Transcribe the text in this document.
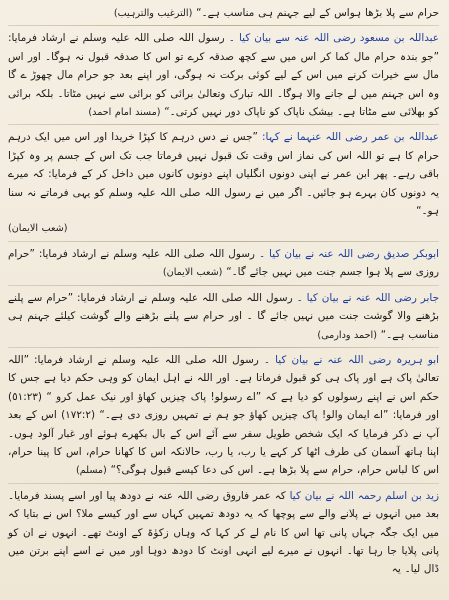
حرام سے پلا بڑھا ہواس کے لیے جہنم ہی مناسب ہے۔“ (الترغیب والترہیب)

عبداللہ بن مسعود رضی اللہ عنہ سے بیان کیا ۔ رسول اللہ صلی اللہ علیہ وسلم نے ارشاد فرمایا: ”جو بندہ حرام مال کما کر اس میں سے کچھ صدقہ کرے تو اس کا صدقہ قبول نہ ہوگا۔ اور اس مال سے خیرات کرنے میں اس کے لیے کوئی برکت نہ ہوگی، اور اپنے بعد جو حرام مال چھوڑ ے گا وہ اس جہنم میں لے جانے والا ہوگا۔ اللہ تبارک وتعالیٰ برائی کو برائی سے نہیں مٹاتا۔ بلکہ برائی کو بھلائی سے مٹاتا ہے۔ بیشک ناپاک کو ناپاک دور نہیں کرتی۔“ (مسند امام احمد)

عبداللہ بن عمر رضی اللہ عنہما نے کہا: ”جس نے دس درہم کا کپڑا خریدا اور اس میں ایک درہم حرام کا ہے تو اللہ اس کی نماز اس وقت تک قبول نہیں فرماتا جب تک اس کے جسم پر وہ کپڑا باقی رہے۔ پھر ابن عمر نے اپنی دونوں انگلیاں اپنے دونوں کانوں میں داخل کر کے فرمایا: کہ میرے یہ دونوں کان بہرے ہو جائیں۔ اگر میں نے رسول اللہ صلی اللہ علیہ وسلم کو یہی فرماتے نہ سنا ہو۔“
(شعب الایمان)

ابوبکر صدیق رضی اللہ عنہ نے بیان کیا ۔ رسول اللہ صلی اللہ علیہ وسلم نے ارشاد فرمایا: ”حرام روزی سے پلا ہوا جسم جنت میں نہیں جائے گا۔“ (شعب الایمان)

جابر رضی اللہ عنہ نے بیان کیا ۔ رسول اللہ صلی اللہ علیہ وسلم نے ارشاد فرمایا: ”حرام سے پلنے بڑھنے والا گوشت جنت میں نہیں جائے گا ۔ اور حرام سے پلنے بڑھنے والے گوشت کیلئے جہنم ہی مناسب ہے۔“ (احمد ودارمی)

ابو ہریرہ رضی اللہ عنہ نے بیان کیا ۔ رسول اللہ صلی اللہ علیہ وسلم نے ارشاد فرمایا: ”اللہ تعالیٰ پاک ہے اور پاک ہی کو قبول فرماتا ہے۔ اور اللہ نے اہل ایمان کو وہی حکم دیا ہے جس کا حکم اس نے اپنے رسولوں کو دیا ہے کہ ”اے رسولو! پاک چیزیں کھاؤ اور نیک عمل کرو “ (٥١:٢٣) اور فرمایا: ”اے ایمان والو! پاک چیزیں کھاؤ جو ہم نے تمہیں روزی دی ہے۔“ (١٧٢:٢) اس کے بعد آپ نے ذکر فرمایا کہ ایک شخص طویل سفر سے آئے اس کے بال بکھرے ہوئے اور غبار آلود ہوں۔ اپنا ہاتھ آسمان کی طرف اٹھا کر کہے یا رب، یا رب، حالانکہ اس کا کھانا حرام، اس کا پینا حرام، اس کا لباس حرام، حرام سے پلا بڑھا ہے۔ اس کی دعا کیسے قبول ہوگی؟“ (مسلم)

زید بن اسلم رحمہ اللہ نے بیان کیا کہ عمر فاروق رضی اللہ عنہ نے دودھ پیا اور اسے پسند فرمایا۔ بعد میں انہوں نے پلانے والے سے پوچھا کہ یہ دودھ تمہیں کہاں سے اور کیسے ملا؟ اس نے بتایا کہ میں ایک جگہ جہاں پانی تھا اس کا نام لے کر کہا کہ وہاں زکوٰۃ کے اونٹ تھے۔ انہوں نے ان کو پانی پلایا جا رہا تھا۔ انہوں نے میرے لیے انہی اونٹ کا دودھ دوہا اور میں نے اسے اپنے برتن میں ڈال لیا۔ یہ
